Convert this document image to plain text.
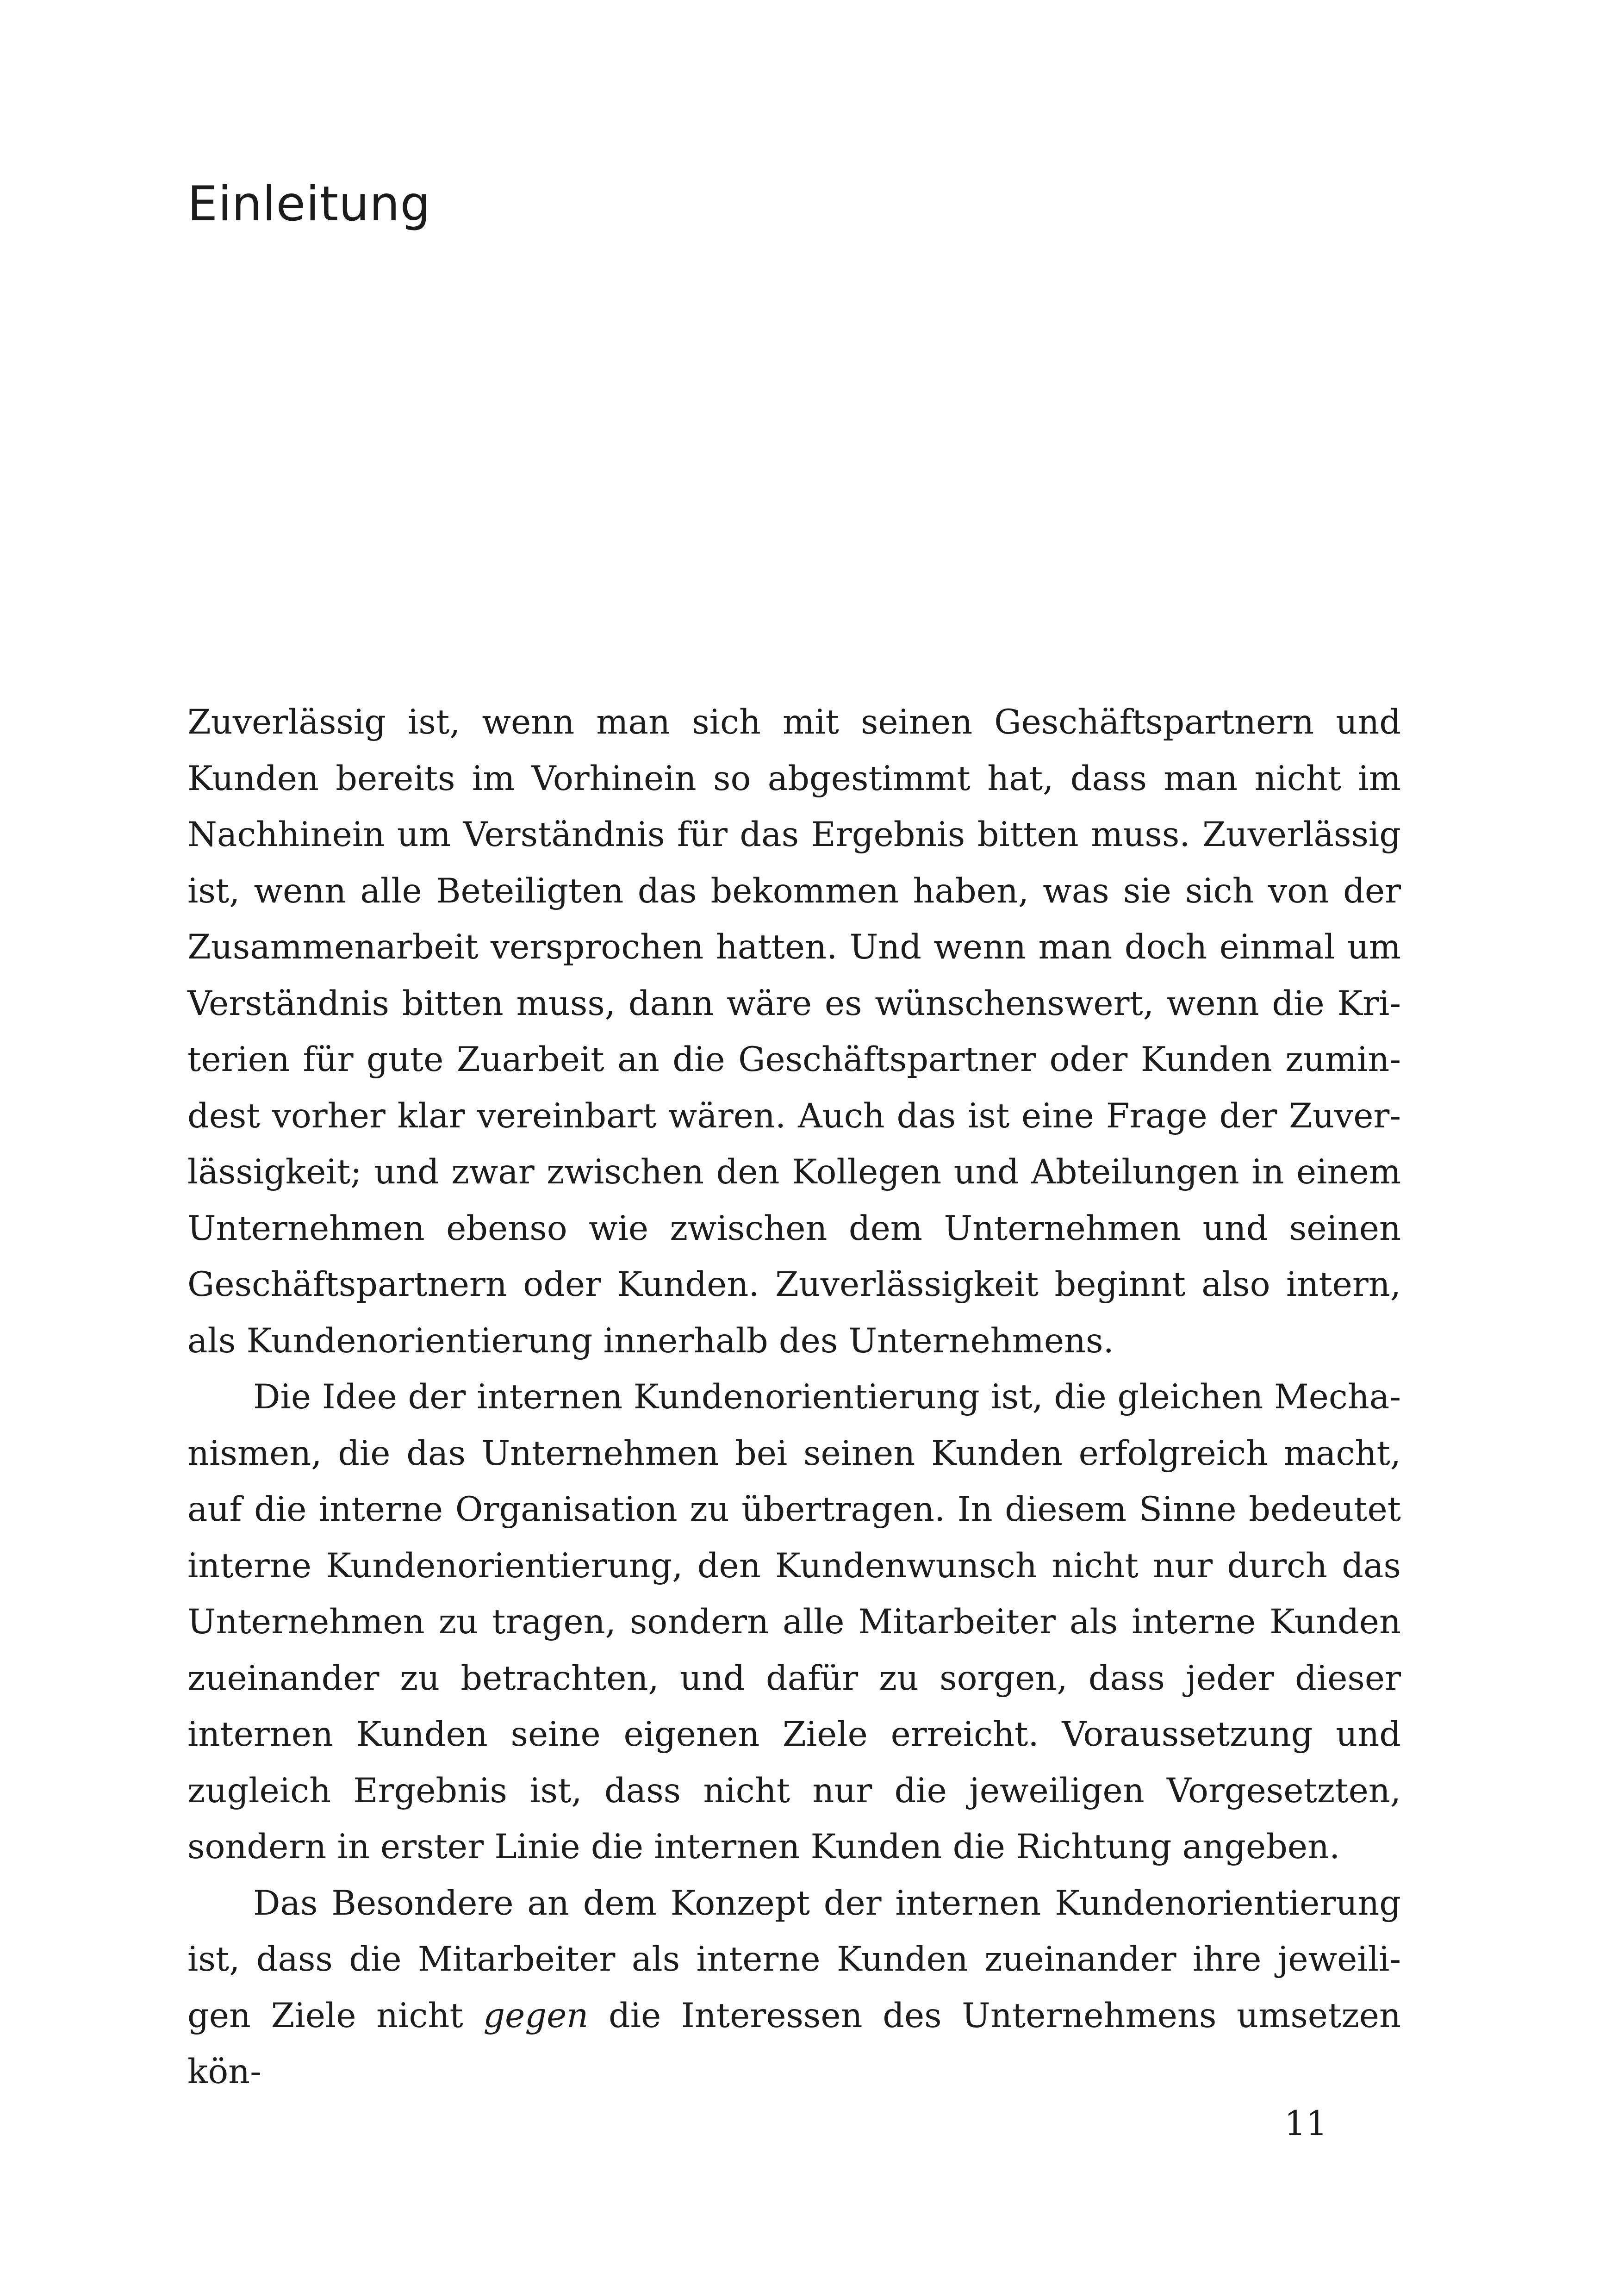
Einleitung

Zuverlässig ist, wenn man sich mit seinen Geschäftspartnern und Kunden bereits im Vorhinein so abgestimmt hat, dass man nicht im Nachhinein um Verständnis für das Ergebnis bitten muss. Zuverlässig ist, wenn alle Beteiligten das bekommen haben, was sie sich von der Zusammenarbeit versprochen hatten. Und wenn man doch einmal um Verständnis bitten muss, dann wäre es wünschenswert, wenn die Kriterien für gute Zuarbeit an die Geschäftspartner oder Kunden zumindest vorher klar vereinbart wären. Auch das ist eine Frage der Zuverlässigkeit; und zwar zwischen den Kollegen und Abteilungen in einem Unternehmen ebenso wie zwischen dem Unternehmen und seinen Geschäftspartnern oder Kunden. Zuverlässigkeit beginnt also intern, als Kundenorientierung innerhalb des Unternehmens.

Die Idee der internen Kundenorientierung ist, die gleichen Mechanismen, die das Unternehmen bei seinen Kunden erfolgreich macht, auf die interne Organisation zu übertragen. In diesem Sinne bedeutet interne Kundenorientierung, den Kundenwunsch nicht nur durch das Unternehmen zu tragen, sondern alle Mitarbeiter als interne Kunden zueinander zu betrachten, und dafür zu sorgen, dass jeder dieser internen Kunden seine eigenen Ziele erreicht. Voraussetzung und zugleich Ergebnis ist, dass nicht nur die jeweiligen Vorgesetzten, sondern in erster Linie die internen Kunden die Richtung angeben.

Das Besondere an dem Konzept der internen Kundenorientierung ist, dass die Mitarbeiter als interne Kunden zueinander ihre jeweiligen Ziele nicht gegen die Interessen des Unternehmens umsetzen kön-

11
